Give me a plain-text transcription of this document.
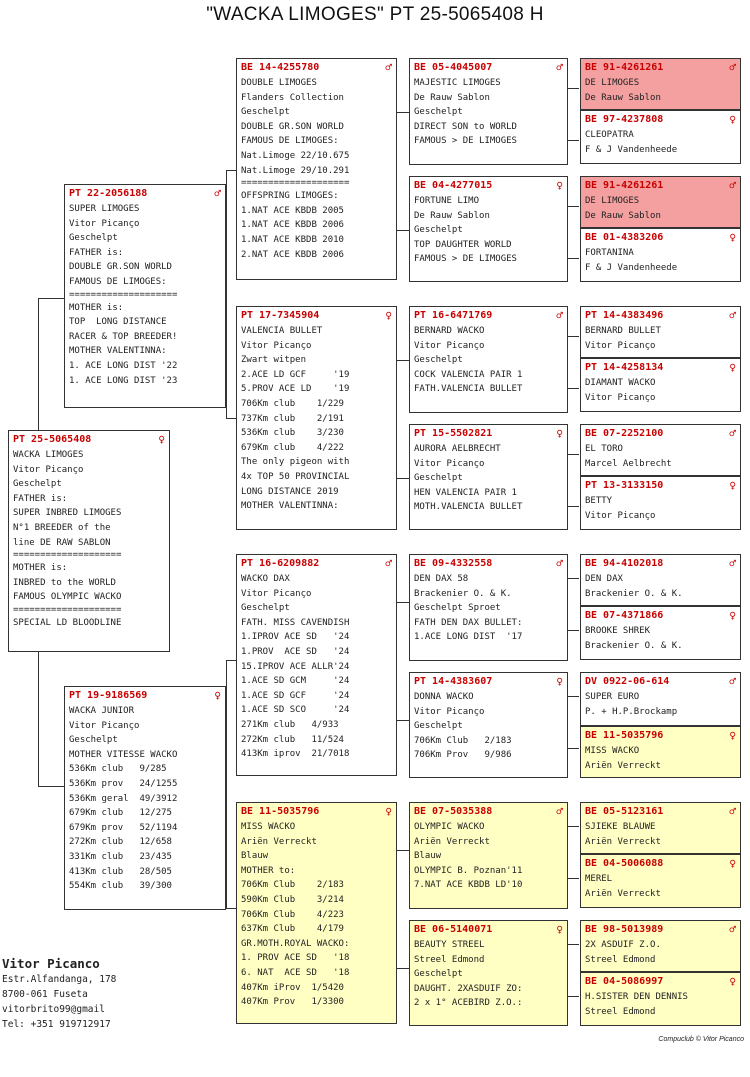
"WACKA LIMOGES" PT 25-5065408 H
PT 25-5065408	♀
WACKA LIMOGES
Vitor Picanço
Geschelpt
FATHER is:
SUPER INBRED LIMOGES
N°1 BREEDER of the
line DE RAW SABLON
====================
MOTHER is:
INBRED to the WORLD
FAMOUS OLYMPIC WACKO
====================
SPECIAL LD BLOODLINE
PT 22-2056188	♂
SUPER LIMOGES
Vitor Picanço
Geschelpt
FATHER is:
DOUBLE GR.SON WORLD
FAMOUS DE LIMOGES:
====================
MOTHER is:
TOP  LONG DISTANCE
RACER & TOP BREEDER!
MOTHER VALENTINNA:
1. ACE LONG DIST '22
1. ACE LONG DIST '23
PT 19-9186569	♀
WACKA JUNIOR
Vitor Picanço
Geschelpt
MOTHER VITESSE WACKO
536Km club   9/285
536Km prov   24/1255
536Km geral  49/3912
679Km club   12/275
679Km prov   52/1194
272Km club   12/658
331Km club   23/435
413Km club   28/505
554Km club   39/300
BE 14-4255780	♂
DOUBLE LIMOGES
Flanders Collection
Geschelpt
DOUBLE GR.SON WORLD
FAMOUS DE LIMOGES:
Nat.Limoge 22/10.675
Nat.Limoge 29/10.291
====================
OFFSPRING LIMOGES:
1.NAT ACE KBDB 2005
1.NAT ACE KBDB 2006
1.NAT ACE KBDB 2010
2.NAT ACE KBDB 2006
PT 17-7345904	♀
VALENCIA BULLET
Vitor Picanço
Zwart witpen
2.ACE LD GCF     '19
5.PROV ACE LD    '19
706Km club    1/229
737Km club    2/191
536Km club    3/230
679Km club    4/222
The only pigeon with
4x TOP 50 PROVINCIAL
LONG DISTANCE 2019
MOTHER VALENTINNA:
PT 16-6209882	♂
WACKO DAX
Vitor Picanço
Geschelpt
FATH. MISS CAVENDISH
1.IPROV ACE SD   '24
1.PROV  ACE SD   '24
15.IPROV ACE ALLR'24
1.ACE SD GCM     '24
1.ACE SD GCF     '24
1.ACE SD SCO     '24
271Km club   4/933
272Km club   11/524
413Km iprov  21/7018
BE 11-5035796	♀
MISS WACKO
Ariën Verreckt
Blauw
MOTHER to:
706Km Club    2/183
590Km Club    3/214
706Km Club    4/223
637Km Club    4/179
GR.MOTH.ROYAL WACKO:
1. PROV ACE SD   '18
6. NAT  ACE SD   '18
407Km iProv  1/5420
407Km Prov   1/3300
BE 05-4045007	♂
MAJESTIC LIMOGES
De Rauw Sablon
Geschelpt
DIRECT SON to WORLD
FAMOUS > DE LIMOGES
BE 04-4277015	♀
FORTUNE LIMO
De Rauw Sablon
Geschelpt
TOP DAUGHTER WORLD
FAMOUS > DE LIMOGES
PT 16-6471769	♂
BERNARD WACKO
Vitor Picanço
Geschelpt
COCK VALENCIA PAIR 1
FATH.VALENCIA BULLET
PT 15-5502821	♀
AURORA AELBRECHT
Vitor Picanço
Geschelpt
HEN VALENCIA PAIR 1
MOTH.VALENCIA BULLET
BE 09-4332558	♂
DEN DAX 58
Brackenier O. & K.
Geschelpt Sproet
FATH DEN DAX BULLET:
1.ACE LONG DIST  '17
PT 14-4383607	♀
DONNA WACKO
Vitor Picanço
Geschelpt
706Km Club   2/183
706Km Prov   9/986
BE 07-5035388	♂
OLYMPIC WACKO
Ariën Verreckt
Blauw
OLYMPIC B. Poznan'11
7.NAT ACE KBDB LD'10
BE 06-5140071	♀
BEAUTY STREEL
Streel Edmond
Geschelpt
DAUGHT. 2XASDUIF ZO:
2 x 1° ACEBIRD Z.O.:
BE 91-4261261	♂
DE LIMOGES
De Rauw Sablon
BE 97-4237808	♀
CLEOPATRA
F & J Vandenheede
BE 91-4261261	♂
DE LIMOGES
De Rauw Sablon
BE 01-4383206	♀
FORTANINA
F & J Vandenheede
PT 14-4383496	♂
BERNARD BULLET
Vitor Picanço
PT 14-4258134	♀
DIAMANT WACKO
Vitor Picanço
BE 07-2252100	♂
EL TORO
Marcel Aelbrecht
PT 13-3133150	♀
BETTY
Vitor Picanço
BE 94-4102018	♂
DEN DAX
Brackenier O. & K.
BE 07-4371866	♀
BROOKE SHREK
Brackenier O. & K.
DV 0922-06-614	♂
SUPER EURO
P. + H.P.Brockamp
BE 11-5035796	♀
MISS WACKO
Ariën Verreckt
BE 05-5123161	♂
SJIEKE BLAUWE
Ariën Verreckt
BE 04-5006088	♀
MEREL
Ariën Verreckt
BE 98-5013989	♂
2X ASDUIF Z.O.
Streel Edmond
BE 04-5086997	♀
H.SISTER DEN DENNIS
Streel Edmond
Vitor Picanco
Estr.Alfandanga, 178
8700-061 Fuseta
vitorbrito99@gmail
Tel: +351 919712917
Compuclub © Vitor Picanco
